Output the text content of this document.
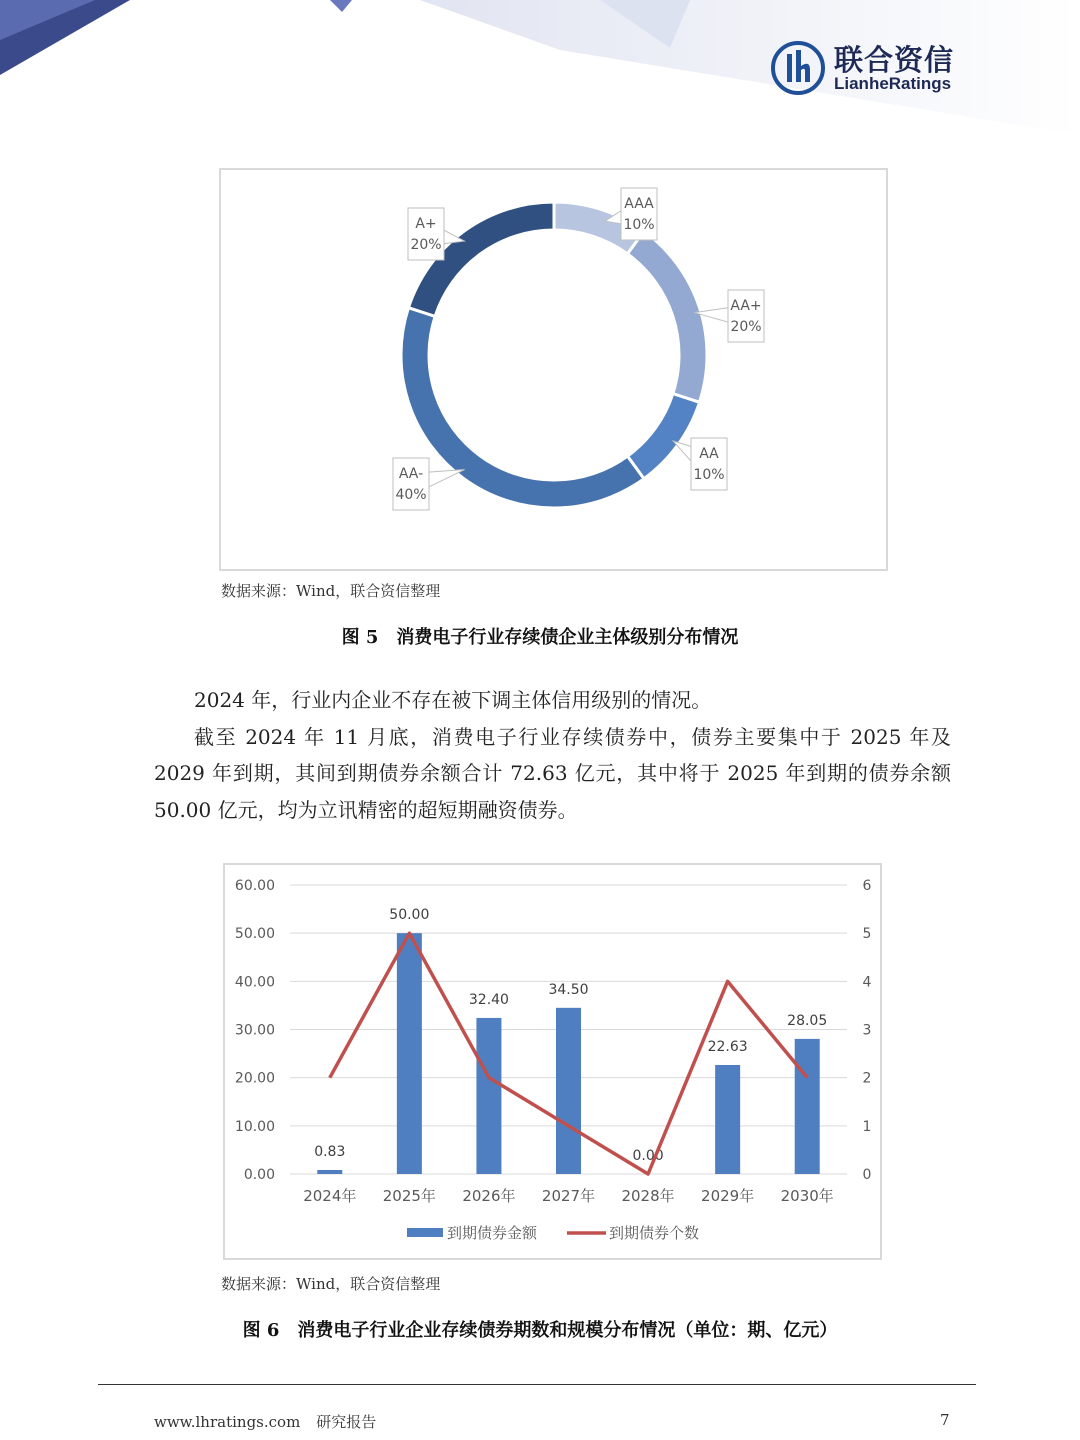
联合资信
LianheRatings
AAA
10%
AA+
20%
AA
10%
AA-
40%
A+
20%
数据来源：Wind，联合资信整理
图 5　消费电子行业存续债企业主体级别分布情况

2024 年，行业内企业不存在被下调主体信用级别的情况。

截至 2024 年 11 月底，消费电子行业存续债券中，债券主要集中于 2025 年及 2029 年到期，其间到期债券余额合计 72.63 亿元，其中将于 2025 年到期的债券余额 50.00 亿元，均为立讯精密的超短期融资债券。

0.00
10.00
20.00
30.00
40.00
50.00
60.00
0
1
2
3
4
5
6
0.83
2024年
50.00
2025年
32.40
2026年
34.50
2027年
0.00
2028年
22.63
2029年
28.05
2030年
到期债券金额	到期债券个数
数据来源：Wind，联合资信整理
图 6　消费电子行业企业存续债券期数和规模分布情况（单位：期、亿元）
www.lhratings.com 研究报告	7
